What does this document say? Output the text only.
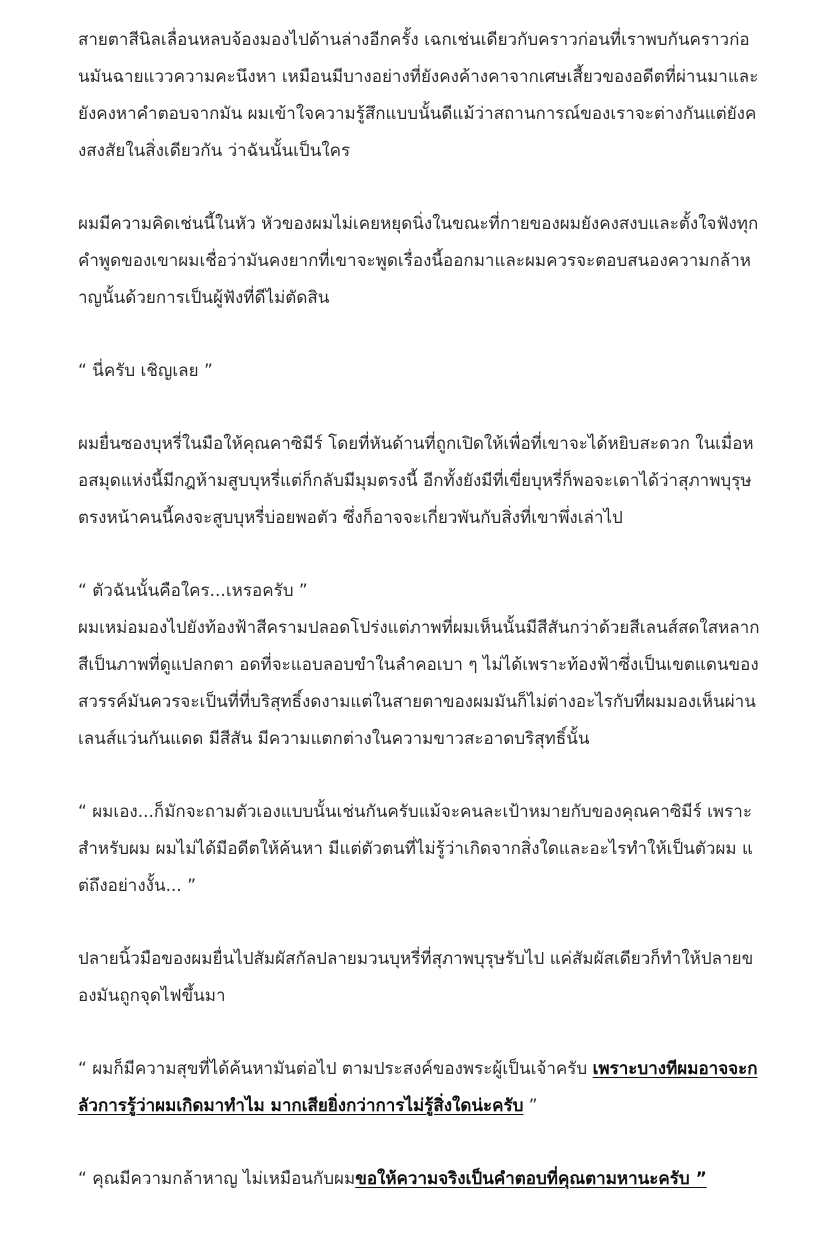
สายตาสีนิลเลื่อนหลบจ้องมองไปด้านล่างอีกครั้ง เฉกเช่นเดียวกับคราวก่อนที่เราพบกันคราวก่อนมันฉายแววความคะนึงหา เหมือนมีบางอย่างที่ยังคงค้างคาจากเศษเสี้ยวของอดีตที่ผ่านมาและยังคงหาคำตอบจากมัน ผมเข้าใจความรู้สึกแบบนั้นดีแม้ว่าสถานการณ์ของเราจะต่างกันแต่ยังคงสงสัยในสิ่งเดียวกัน ว่าฉันนั้นเป็นใคร

ผมมีความคิดเช่นนี้ในหัว หัวของผมไม่เคยหยุดนิ่งในขณะที่กายของผมยังคงสงบและตั้งใจฟังทุกคำพูดของเขาผมเชื่อว่ามันคงยากที่เขาจะพูดเรื่องนี้ออกมาและผมควรจะตอบสนองความกล้าหาญนั้นด้วยการเป็นผู้ฟังที่ดีไม่ตัดสิน

“ นี่ครับ เชิญเลย ”

ผมยื่นซองบุหรี่ในมือให้คุณคาซิมีร์ โดยที่หันด้านที่ถูกเปิดให้เพื่อที่เขาจะได้หยิบสะดวก ในเมื่อหอสมุดแห่งนี้มีกฎห้ามสูบบุหรี่แต่ก็กลับมีมุมตรงนี้ อีกทั้งยังมีที่เขี่ยบุหรี่ก็พอจะเดาได้ว่าสุภาพบุรุษตรงหน้าคนนี้คงจะสูบบุหรี่บ่อยพอตัว ซึ่งก็อาจจะเกี่ยวพันกับสิ่งที่เขาพึ่งเล่าไป

“ ตัวฉันนั้นคือใคร...เหรอครับ ”

ผมเหม่อมองไปยังท้องฟ้าสีครามปลอดโปร่งแต่ภาพที่ผมเห็นนั้นมีสีสันกว่าด้วยสีเลนส์สดใสหลากสีเป็นภาพที่ดูแปลกตา อดที่จะแอบลอบขำในลำคอเบา ๆ ไม่ได้เพราะท้องฟ้าซึ่งเป็นเขตแดนของสวรรค์มันควรจะเป็นที่ที่บริสุทธิ์งดงามแต่ในสายตาของผมมันก็ไม่ต่างอะไรกับที่ผมมองเห็นผ่านเลนส์แว่นกันแดด มีสีสัน มีความแตกต่างในความขาวสะอาดบริสุทธิ์นั้น

“ ผมเอง...ก็มักจะถามตัวเองแบบนั้นเช่นกันครับแม้จะคนละเป้าหมายกับของคุณคาซิมีร์ เพราะสำหรับผม ผมไม่ได้มีอดีตให้ค้นหา มีแต่ตัวตนที่ไม่รู้ว่าเกิดจากสิ่งใดและอะไรทำให้เป็นตัวผม แต่ถึงอย่างงั้น... ”

ปลายนิ้วมือของผมยื่นไปสัมผัสกัลปลายมวนบุหรี่ที่สุภาพบุรุษรับไป แค่สัมผัสเดียวก็ทำให้ปลายของมันถูกจุดไฟขึ้นมา

“ ผมก็มีความสุขที่ได้ค้นหามันต่อไป ตามประสงค์ของพระผู้เป็นเจ้าครับ เพราะบางทีผมอาจจะกลัวการรู้ว่าผมเกิดมาทำไม มากเสียยิ่งกว่าการไม่รู้สิ่งใดน่ะครับ ”

“ คุณมีความกล้าหาญ ไม่เหมือนกับผมขอให้ความจริงเป็นคำตอบที่คุณตามหานะครับ ”
